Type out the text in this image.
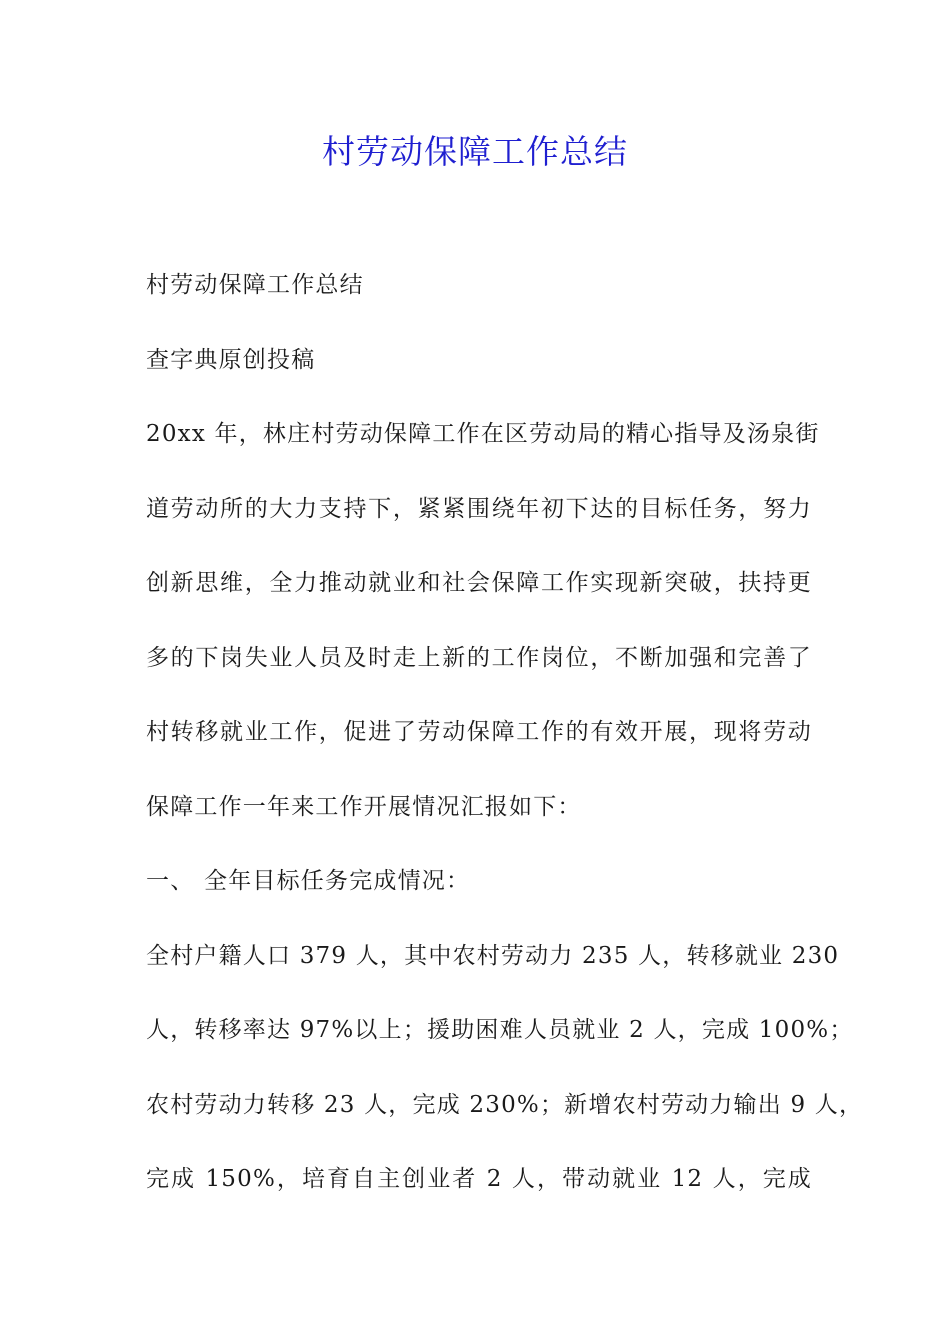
村劳动保障工作总结
村劳动保障工作总结
查字典原创投稿
20xx 年，林庄村劳动保障工作在区劳动局的精心指导及汤泉街
道劳动所的大力支持下，紧紧围绕年初下达的目标任务，努力
创新思维，全力推动就业和社会保障工作实现新突破，扶持更
多的下岗失业人员及时走上新的工作岗位，不断加强和完善了
村转移就业工作，促进了劳动保障工作的有效开展，现将劳动
保障工作一年来工作开展情况汇报如下：
一、 全年目标任务完成情况：
全村户籍人口 379 人，其中农村劳动力 235 人，转移就业 230
人，转移率达 97%以上；援助困难人员就业 2 人，完成 100%；
农村劳动力转移 23 人，完成 230%；新增农村劳动力输出 9 人，
完成 150%，培育自主创业者 2 人，带动就业 12 人，完成
